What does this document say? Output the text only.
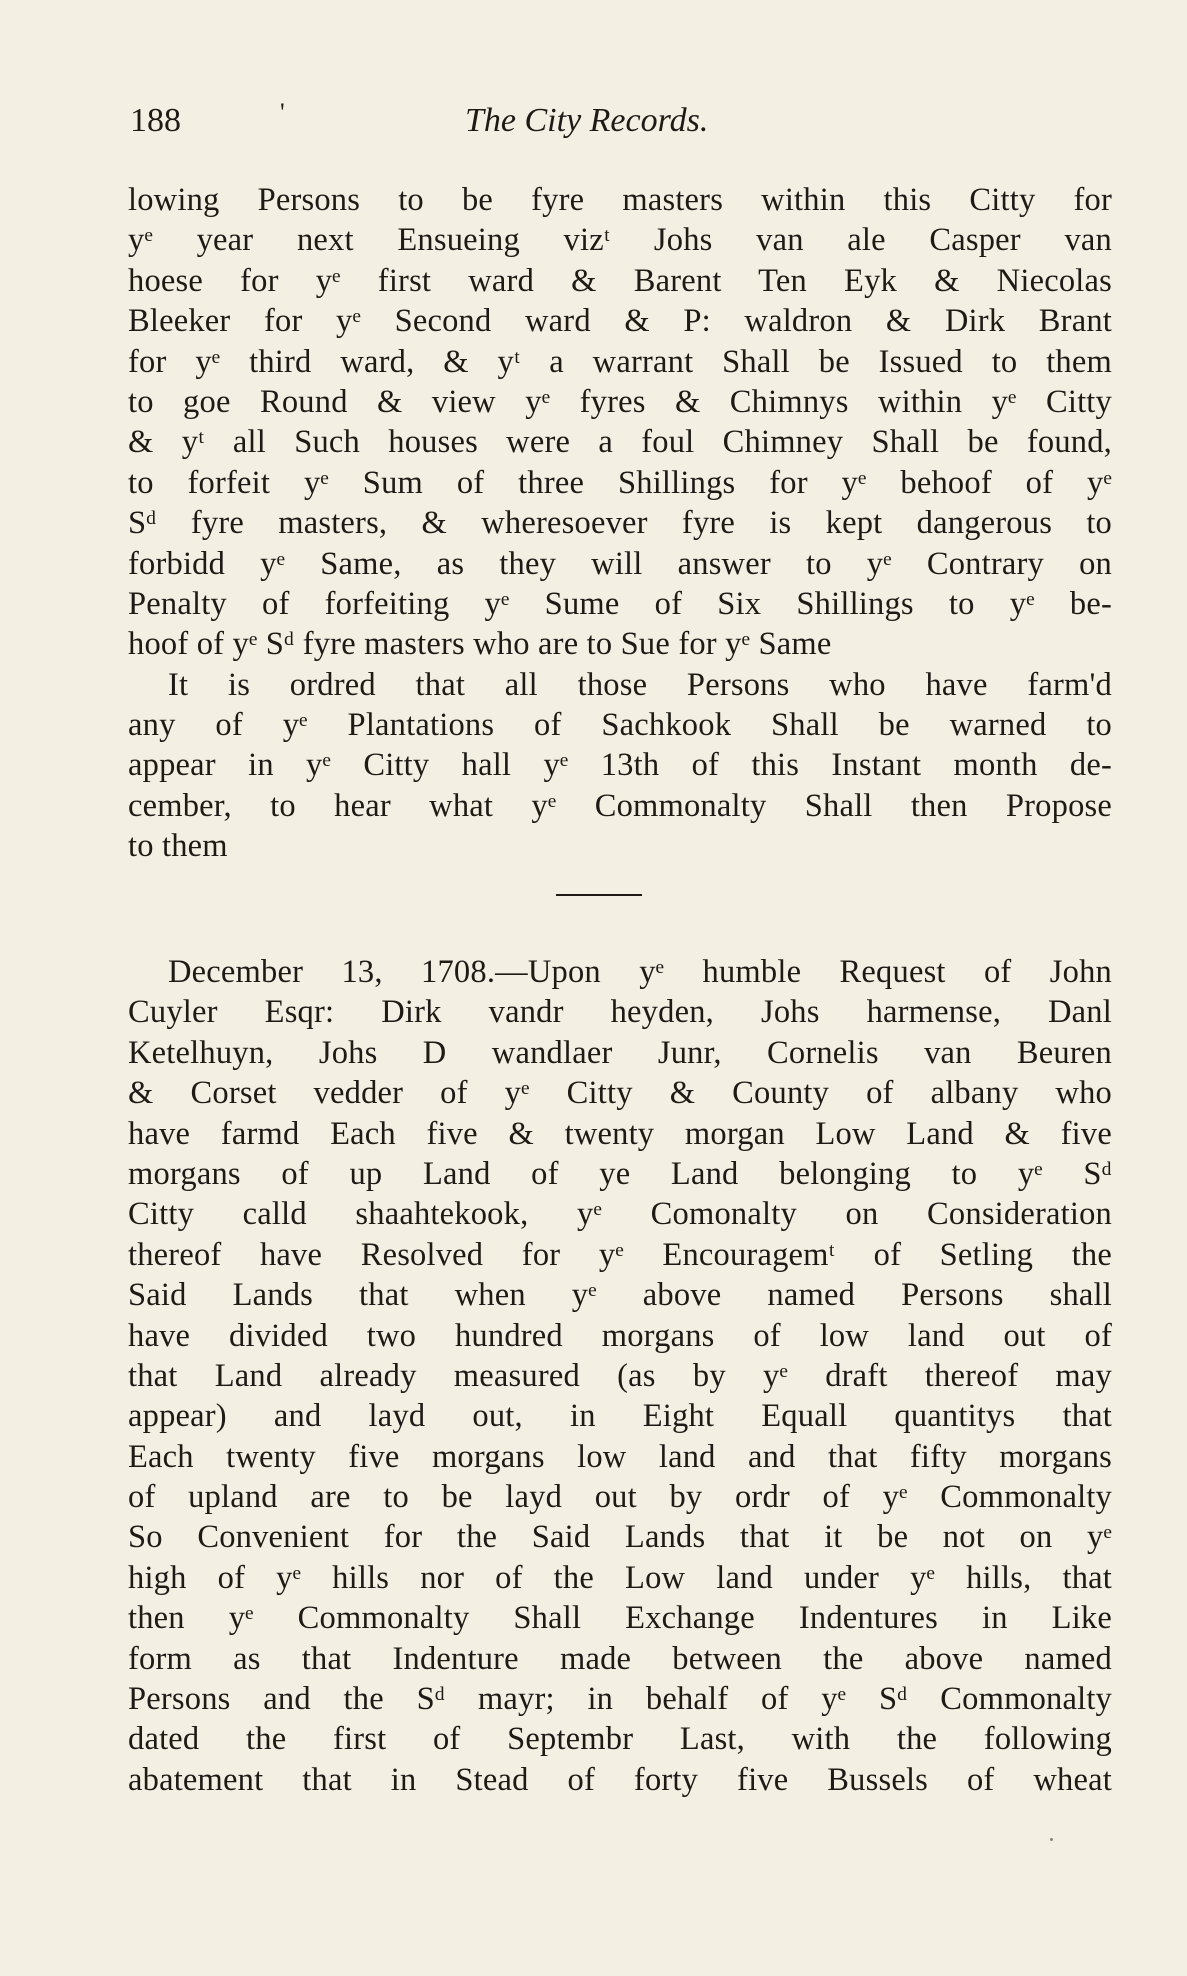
188	'	The City Records.
lowing Persons to be fyre masters within this Citty for
yᵉ year next Ensueing vizᵗ Johs van ale Casper van
hoese for yᵉ first ward & Barent Ten Eyk & Niecolas
Bleeker for yᵉ Second ward & P: waldron & Dirk Brant
for yᵉ third ward, & yᵗ a warrant Shall be Issued to them
to goe Round & view yᵉ fyres & Chimnys within yᵉ Citty
& yᵗ all Such houses were a foul Chimney Shall be found,
to forfeit yᵉ Sum of three Shillings for yᵉ behoof of yᵉ
Sᵈ fyre masters, & wheresoever fyre is kept dangerous to
forbidd yᵉ Same, as they will answer to yᵉ Contrary on
Penalty of forfeiting yᵉ Sume of Six Shillings to yᵉ be-
hoof of yᵉ Sᵈ fyre masters who are to Sue for yᵉ Same
It is ordred that all those Persons who have farm'd
any of yᵉ Plantations of Sachkook Shall be warned to
appear in yᵉ Citty hall yᵉ 13th of this Instant month de-
cember, to hear what yᵉ Commonalty Shall then Propose
to them
December 13, 1708.—Upon yᵉ humble Request of John
Cuyler Esqr: Dirk vandr heyden, Johs harmense, Danl
Ketelhuyn, Johs D wandlaer Junr, Cornelis van Beuren
& Corset vedder of yᵉ Citty & County of albany who
have farmd Each five & twenty morgan Low Land & five
morgans of up Land of ye Land belonging to yᵉ Sᵈ
Citty calld shaahtekook, yᵉ Comonalty on Consideration
thereof have Resolved for yᵉ Encouragemᵗ of Setling the
Said Lands that when yᵉ above named Persons shall
have divided two hundred morgans of low land out of
that Land already measured (as by yᵉ draft thereof may
appear) and layd out, in Eight Equall quantitys that
Each twenty five morgans low land and that fifty morgans
of upland are to be layd out by ordr of yᵉ Commonalty
So Convenient for the Said Lands that it be not on yᵉ
high of yᵉ hills nor of the Low land under yᵉ hills, that
then yᵉ Commonalty Shall Exchange Indentures in Like
form as that Indenture made between the above named
Persons and the Sᵈ mayr; in behalf of yᵉ Sᵈ Commonalty
dated the first of Septembr Last, with the following
abatement that in Stead of forty five Bussels of wheat
